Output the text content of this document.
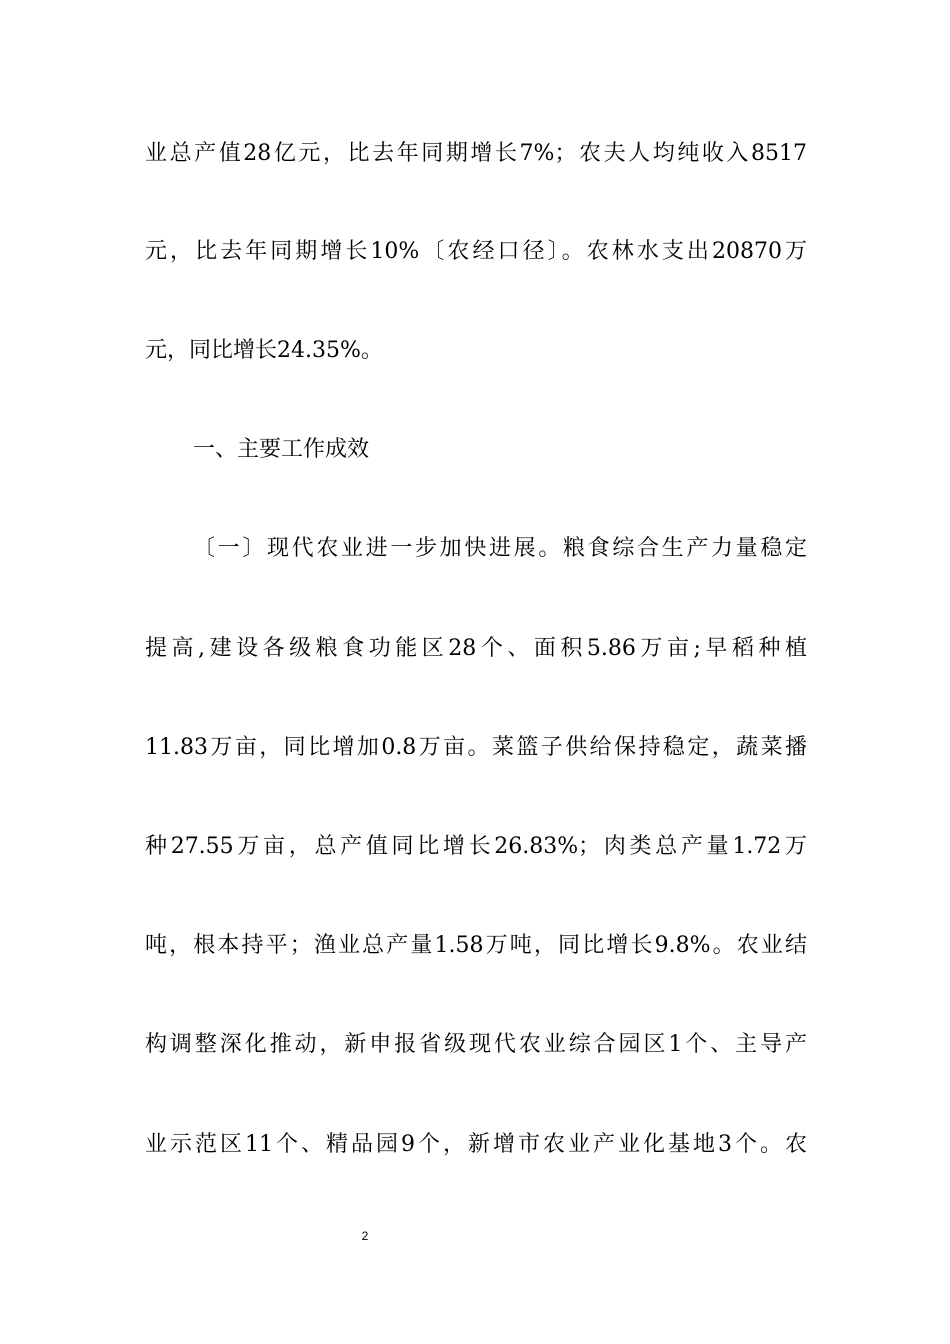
业总产值28亿元，比去年同期增长7%；农夫人均纯收入8517
元，比去年同期增长10%〔农经口径〕。农林水支出20870万
元，同比增长24.35%。
一、主要工作成效
〔一〕现代农业进一步加快进展。粮食综合生产力量稳定
提高,建设各级粮食功能区28个、面积5.86万亩;早稻种植
11.83万亩，同比增加0.8万亩。菜篮子供给保持稳定，蔬菜播
种27.55万亩，总产值同比增长26.83%；肉类总产量1.72万
吨，根本持平；渔业总产量1.58万吨，同比增长9.8%。农业结
构调整深化推动，新申报省级现代农业综合园区1个、主导产
业示范区11个、精品园9个，新增市农业产业化基地3个。农
2
